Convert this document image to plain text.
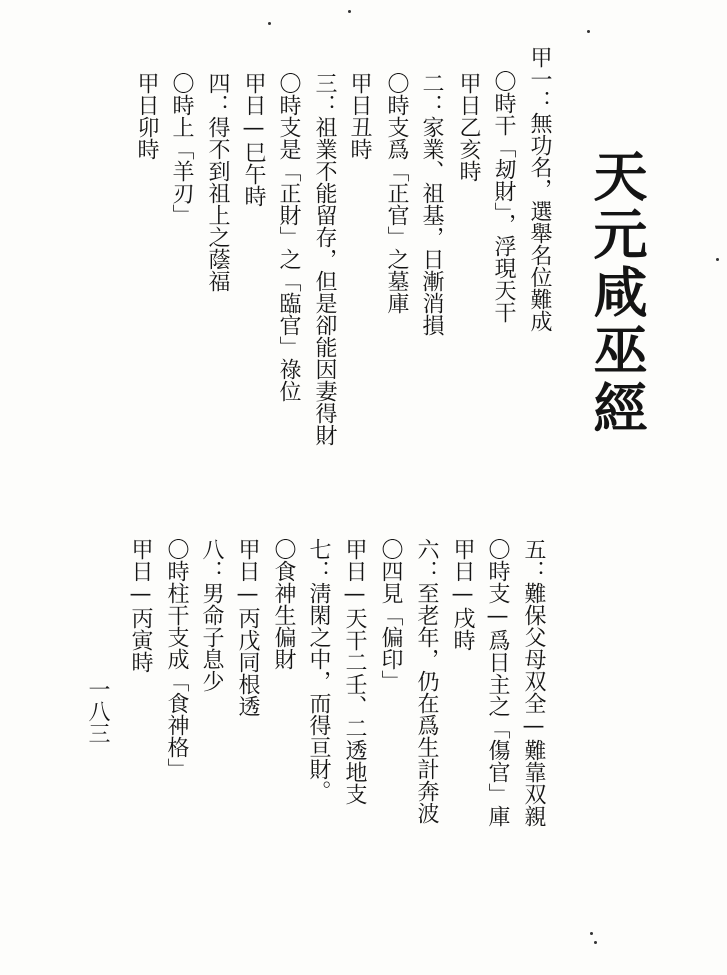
天元咸巫經
甲一：無功名，選舉名位難成
〇時干「刼財」，浮現天干
甲日乙亥時
二：家業、祖基，日漸消損
〇時支爲「正官」之墓庫
甲日丑時
三：祖業不能留存，但是卻能因妻得財
〇時支是「正財」之「臨官」祿位
甲日—巳午時
四：得不到祖上之蔭福
〇時上「羊刃」
甲日卯時
五：難保父母双全—難靠双親
〇時支—爲日主之「傷官」庫
甲日—戌時
六：至老年，仍在爲生計奔波
〇四見「偏印」
甲日—天干二壬、二透地支
七：淸閑之中，而得亘財。
〇食神生偏財
甲日—丙戊同根透
八：男命子息少
〇時柱干支成「食神格」
甲日—丙寅時
一八三
